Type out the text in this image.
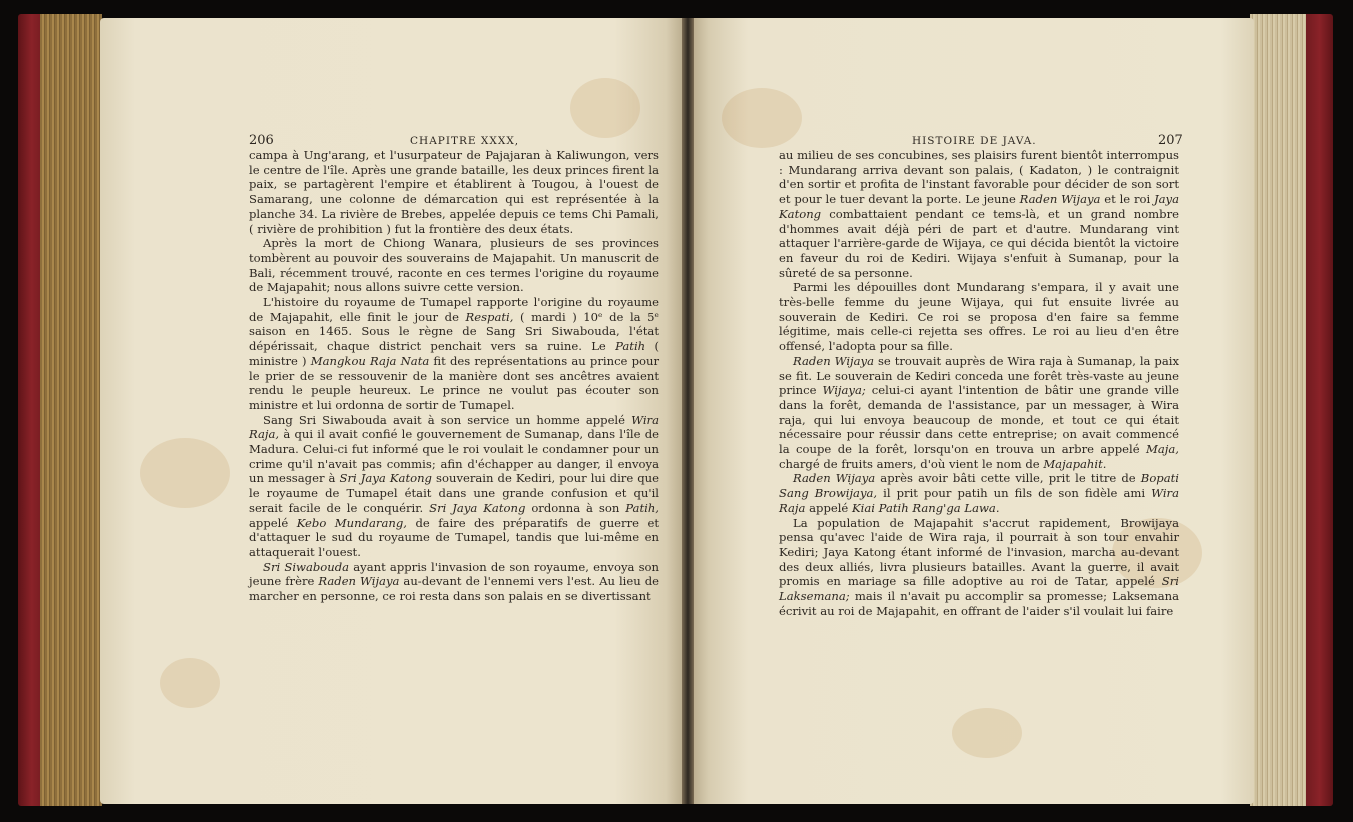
206	CHAPITRE XXXX,	HISTOIRE DE JAVA.	207

campa à Ung'arang, et l'usurpateur de Pajajaran à Kaliwungon, vers le centre de l'île. Après une grande bataille, les deux princes firent la paix, se partagèrent l'empire et établirent à Tougou, à l'ouest de Samarang, une colonne de démarcation qui est représentée à la planche 34. La rivière de Brebes, appelée depuis ce tems Chi Pamali, ( rivière de prohibition ) fut la frontière des deux états.

Après la mort de Chiong Wanara, plusieurs de ses provinces tombèrent au pouvoir des souverains de Majapahit. Un manuscrit de Bali, récemment trouvé, raconte en ces termes l'origine du royaume de Majapahit; nous allons suivre cette version.

L'histoire du royaume de Tumapel rapporte l'origine du royaume de Majapahit, elle finit le jour de Respati, ( mardi ) 10ᵉ de la 5ᵉ saison en 1465. Sous le règne de Sang Sri Siwabouda, l'état dépérissait, chaque district penchait vers sa ruine. Le Patih ( ministre ) Mangkou Raja Nata fit des représentations au prince pour le prier de se ressouvenir de la manière dont ses ancêtres avaient rendu le peuple heureux. Le prince ne voulut pas écouter son ministre et lui ordonna de sortir de Tumapel.

Sang Sri Siwabouda avait à son service un homme appelé Wira Raja, à qui il avait confié le gouvernement de Sumanap, dans l'île de Madura. Celui-ci fut informé que le roi voulait le condamner pour un crime qu'il n'avait pas commis; afin d'échapper au danger, il envoya un messager à Sri Jaya Katong souverain de Kediri, pour lui dire que le royaume de Tumapel était dans une grande confusion et qu'il serait facile de le conquérir. Sri Jaya Katong ordonna à son Patih, appelé Kebo Mundarang, de faire des préparatifs de guerre et d'attaquer le sud du royaume de Tumapel, tandis que lui-même en attaquerait l'ouest.

Sri Siwabouda ayant appris l'invasion de son royaume, envoya son jeune frère Raden Wijaya au-devant de l'ennemi vers l'est. Au lieu de marcher en personne, ce roi resta dans son palais en se divertissant

au milieu de ses concubines, ses plaisirs furent bientôt interrompus : Mundarang arriva devant son palais, ( Kadaton, ) le contraignit d'en sortir et profita de l'instant favorable pour décider de son sort et pour le tuer devant la porte. Le jeune Raden Wijaya et le roi Jaya Katong combattaient pendant ce tems-là, et un grand nombre d'hommes avait déjà péri de part et d'autre. Mundarang vint attaquer l'arrière-garde de Wijaya, ce qui décida bientôt la victoire en faveur du roi de Kediri. Wijaya s'enfuit à Sumanap, pour la sûreté de sa personne.

Parmi les dépouilles dont Mundarang s'empara, il y avait une très-belle femme du jeune Wijaya, qui fut ensuite livrée au souverain de Kediri. Ce roi se proposa d'en faire sa femme légitime, mais celle-ci rejetta ses offres. Le roi au lieu d'en être offensé, l'adopta pour sa fille.

Raden Wijaya se trouvait auprès de Wira raja à Sumanap, la paix se fit. Le souverain de Kediri conceda une forêt très-vaste au jeune prince Wijaya; celui-ci ayant l'intention de bâtir une grande ville dans la forêt, demanda de l'assistance, par un messager, à Wira raja, qui lui envoya beaucoup de monde, et tout ce qui était nécessaire pour réussir dans cette entreprise; on avait commencé la coupe de la forêt, lorsqu'on en trouva un arbre appelé Maja, chargé de fruits amers, d'où vient le nom de Majapahit.

Raden Wijaya après avoir bâti cette ville, prit le titre de Bopati Sang Browijaya, il prit pour patih un fils de son fidèle ami Wira Raja appelé Kiai Patih Rang'ga Lawa.

La population de Majapahit s'accrut rapidement, Browijaya pensa qu'avec l'aide de Wira raja, il pourrait à son tour envahir Kediri; Jaya Katong étant informé de l'invasion, marcha au-devant des deux alliés, livra plusieurs batailles. Avant la guerre, il avait promis en mariage sa fille adoptive au roi de Tatar, appelé Sri Laksemana; mais il n'avait pu accomplir sa promesse; Laksemana écrivit au roi de Majapahit, en offrant de l'aider s'il voulait lui faire
